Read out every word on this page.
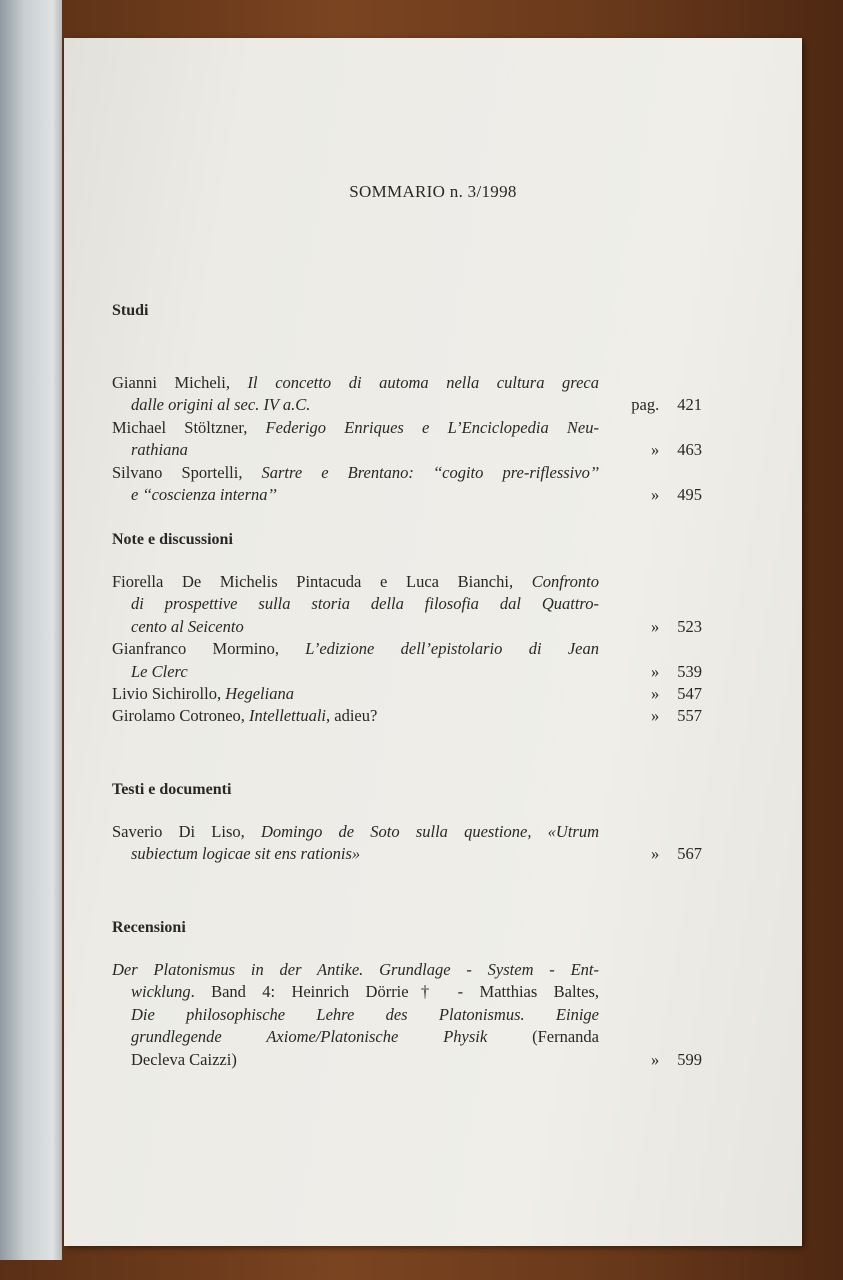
SOMMARIO n. 3/1998
Studi
Gianni Micheli, Il concetto di automa nella cultura greca
dalle origini al sec. IV a.C.	pag. 421
Michael Stöltzner, Federigo Enriques e L’Enciclopedia Neu-
rathiana	» 463
Silvano Sportelli, Sartre e Brentano: ‘‘cogito pre-riflessivo’’
e ‘‘coscienza interna’’	» 495
Note e discussioni
Fiorella De Michelis Pintacuda e Luca Bianchi, Confronto
di prospettive sulla storia della filosofia dal Quattro-
cento al Seicento	» 523
Gianfranco Mormino, L’edizione dell’epistolario di Jean
Le Clerc	» 539
Livio Sichirollo, Hegeliana	» 547
Girolamo Cotroneo, Intellettuali, adieu?	» 557
Testi e documenti
Saverio Di Liso, Domingo de Soto sulla questione, «Utrum
subiectum logicae sit ens rationis»	» 567
Recensioni
Der Platonismus in der Antike. Grundlage - System - Ent-
wicklung. Band 4: Heinrich Dörrie† - Matthias Baltes,
Die philosophische Lehre des Platonismus. Einige
grundlegende Axiome/Platonische Physik (Fernanda
Decleva Caizzi)	» 599
